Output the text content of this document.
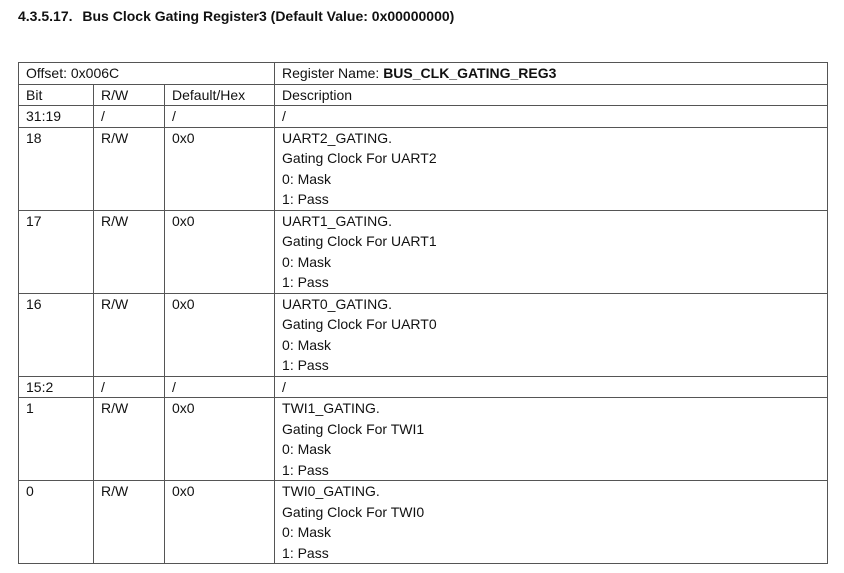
4.3.5.17. Bus Clock Gating Register3 (Default Value: 0x00000000)
Offset: 0x006C			Register Name: BUS_CLK_GATING_REG3
Bit	R/W	Default/Hex	Description
31:19	/	/	/

18	R/W	0x0	UART2_GATING.
Gating Clock For UART2
0: Mask
1: Pass

17	R/W	0x0	UART1_GATING.
Gating Clock For UART1
0: Mask
1: Pass

16	R/W	0x0	UART0_GATING.
Gating Clock For UART0
0: Mask
1: Pass

15:2	/	/	/

1	R/W	0x0	TWI1_GATING.
Gating Clock For TWI1
0: Mask
1: Pass

0	R/W	0x0	TWI0_GATING.
Gating Clock For TWI0
0: Mask
1: Pass
